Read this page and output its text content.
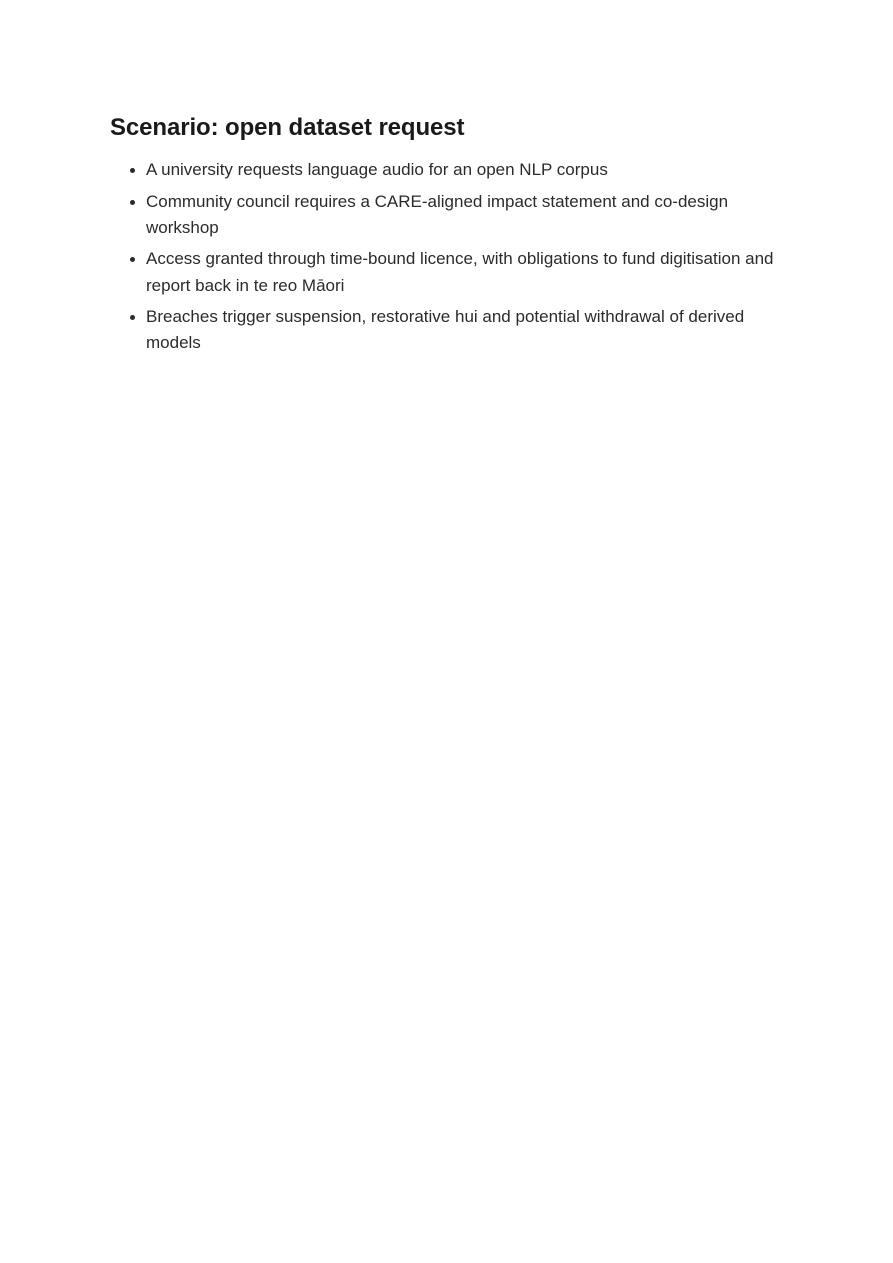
Scenario: open dataset request
A university requests language audio for an open NLP corpus
Community council requires a CARE-aligned impact statement and co-design workshop
Access granted through time-bound licence, with obligations to fund digitisation and report back in te reo Māori
Breaches trigger suspension, restorative hui and potential withdrawal of derived models
